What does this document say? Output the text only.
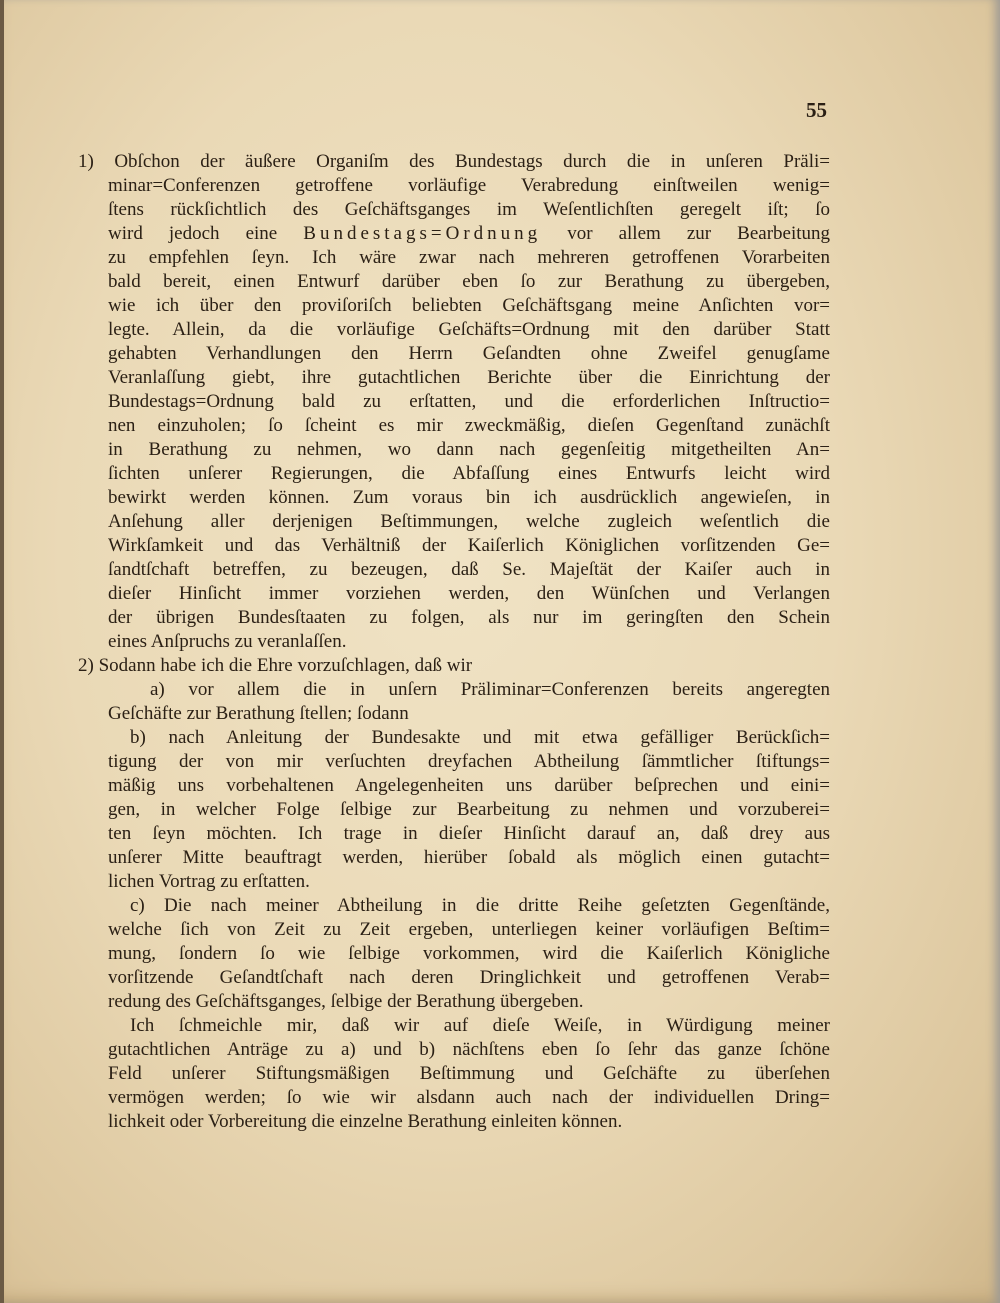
55
1) Obſchon der äußere Organiſm des Bundestags durch die in unſeren Präli=
minar=Conferenzen getroffene vorläufige Verabredung einſtweilen wenig=
ſtens rückſichtlich des Geſchäftsganges im Weſentlichſten geregelt iſt; ſo
wird jedoch eine Bundestags=Ordnung vor allem zur Bearbeitung
zu empfehlen ſeyn. Ich wäre zwar nach mehreren getroffenen Vorarbeiten
bald bereit, einen Entwurf darüber eben ſo zur Berathung zu übergeben,
wie ich über den proviſoriſch beliebten Geſchäftsgang meine Anſichten vor=
legte. Allein, da die vorläufige Geſchäfts=Ordnung mit den darüber Statt
gehabten Verhandlungen den Herrn Geſandten ohne Zweifel genugſame
Veranlaſſung giebt, ihre gutachtlichen Berichte über die Einrichtung der
Bundestags=Ordnung bald zu erſtatten, und die erforderlichen Inſtructio=
nen einzuholen; ſo ſcheint es mir zweckmäßig, dieſen Gegenſtand zunächſt
in Berathung zu nehmen, wo dann nach gegenſeitig mitgetheilten An=
ſichten unſerer Regierungen, die Abfaſſung eines Entwurfs leicht wird
bewirkt werden können. Zum voraus bin ich ausdrücklich angewieſen, in
Anſehung aller derjenigen Beſtimmungen, welche zugleich weſentlich die
Wirkſamkeit und das Verhältniß der Kaiſerlich Königlichen vorſitzenden Ge=
ſandtſchaft betreffen, zu bezeugen, daß Se. Majeſtät der Kaiſer auch in
dieſer Hinſicht immer vorziehen werden, den Wünſchen und Verlangen
der übrigen Bundesſtaaten zu folgen, als nur im geringſten den Schein
eines Anſpruchs zu veranlaſſen.
2) Sodann habe ich die Ehre vorzuſchlagen, daß wir
a) vor allem die in unſern Präliminar=Conferenzen bereits angeregten
Geſchäfte zur Berathung ſtellen; ſodann
b) nach Anleitung der Bundesakte und mit etwa gefälliger Berückſich=
tigung der von mir verſuchten dreyfachen Abtheilung ſämmtlicher ſtiftungs=
mäßig uns vorbehaltenen Angelegenheiten uns darüber beſprechen und eini=
gen, in welcher Folge ſelbige zur Bearbeitung zu nehmen und vorzuberei=
ten ſeyn möchten. Ich trage in dieſer Hinſicht darauf an, daß drey aus
unſerer Mitte beauftragt werden, hierüber ſobald als möglich einen gutacht=
lichen Vortrag zu erſtatten.
c) Die nach meiner Abtheilung in die dritte Reihe geſetzten Gegenſtände,
welche ſich von Zeit zu Zeit ergeben, unterliegen keiner vorläufigen Beſtim=
mung, ſondern ſo wie ſelbige vorkommen, wird die Kaiſerlich Königliche
vorſitzende Geſandtſchaft nach deren Dringlichkeit und getroffenen Verab=
redung des Geſchäftsganges, ſelbige der Berathung übergeben.
Ich ſchmeichle mir, daß wir auf dieſe Weiſe, in Würdigung meiner
gutachtlichen Anträge zu a) und b) nächſtens eben ſo ſehr das ganze ſchöne
Feld unſerer Stiftungsmäßigen Beſtimmung und Geſchäfte zu überſehen
vermögen werden; ſo wie wir alsdann auch nach der individuellen Dring=
lichkeit oder Vorbereitung die einzelne Berathung einleiten können.
